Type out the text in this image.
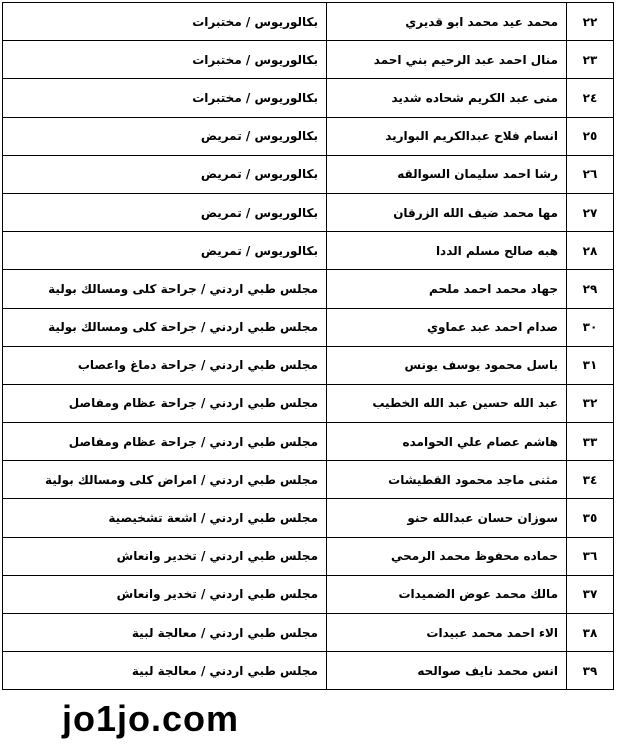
٢٢	محمد عيد محمد ابو قديري	بكالوريوس / مختبرات
٢٣	منال احمد عبد الرحيم بني احمد	بكالوريوس / مختبرات
٢٤	منى عبد الكريم شحاده شديد	بكالوريوس / مختبرات
٢٥	انسام فلاح عبدالكريم البواريد	بكالوريوس / تمريض
٢٦	رشا احمد سليمان السوالقه	بكالوريوس / تمريض
٢٧	مها محمد ضيف الله الزرقان	بكالوريوس / تمريض
٢٨	هبه صالح مسلم الددا	بكالوريوس / تمريض
٢٩	جهاد محمد احمد ملحم	مجلس طبي اردني / جراحة كلى ومسالك بولية
٣٠	صدام احمد عبد عماوي	مجلس طبي اردني / جراحة كلى ومسالك بولية
٣١	باسل محمود يوسف يونس	مجلس طبي اردني / جراحة دماغ واعصاب
٣٢	عبد الله حسين عبد الله الخطيب	مجلس طبي اردني / جراحة عظام ومفاصل
٣٣	هاشم عصام علي الحوامده	مجلس طبي اردني / جراحة عظام ومفاصل
٣٤	مثنى ماجد محمود القطيشات	مجلس طبي اردني / امراض كلى ومسالك بولية
٣٥	سوزان حسان عبدالله حنو	مجلس طبي اردني / اشعة تشخيصية
٣٦	حماده محفوظ محمد الرمحي	مجلس طبي اردني / تخدير وانعاش
٣٧	مالك محمد عوض الضميدات	مجلس طبي اردني / تخدير وانعاش
٣٨	الاء احمد محمد عبيدات	مجلس طبي اردني / معالجة لبية
٣٩	انس محمد نايف صوالحه	مجلس طبي اردني / معالجة لبية
jo1jo.com
